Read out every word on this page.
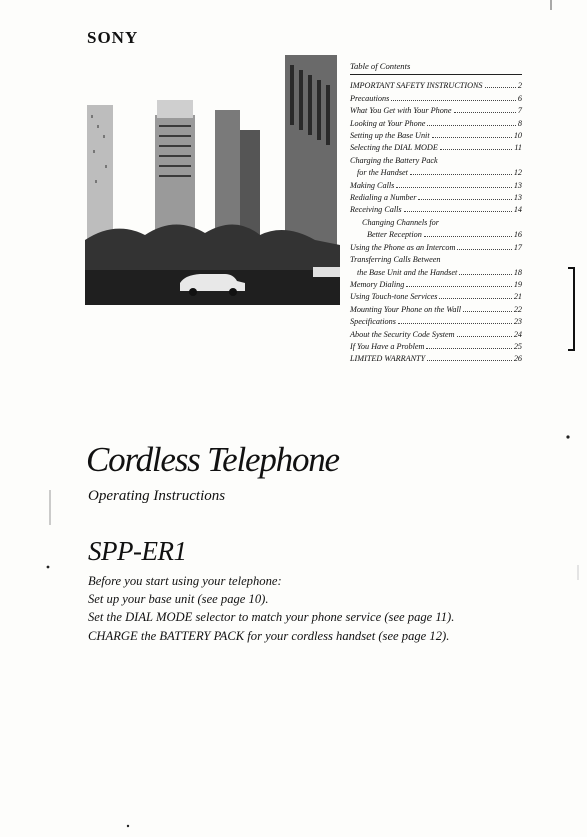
SONY
Table of Contents
IMPORTANT SAFETY INSTRUCTIONS	2
Precautions	6
What You Get with Your Phone	7
Looking at Your Phone	8
Setting up the Base Unit	10
Selecting the DIAL MODE	11
Charging the Battery Pack
for the Handset	12
Making Calls	13
Redialing a Number	13
Receiving Calls	14
Changing Channels for
Better Reception	16
Using the Phone as an Intercom	17
Transferring Calls Between
the Base Unit and the Handset	18
Memory Dialing	19
Using Touch-tone Services	21
Mounting Your Phone on the Wall	22
Specifications	23
About the Security Code System	24
If You Have a Problem	25
LIMITED WARRANTY	26
Cordless Telephone
Operating Instructions
SPP-ER1
Before you start using your telephone:
Set up your base unit (see page 10).
Set the DIAL MODE selector to match your phone service (see page 11).
CHARGE the BATTERY PACK for your cordless handset (see page 12).
